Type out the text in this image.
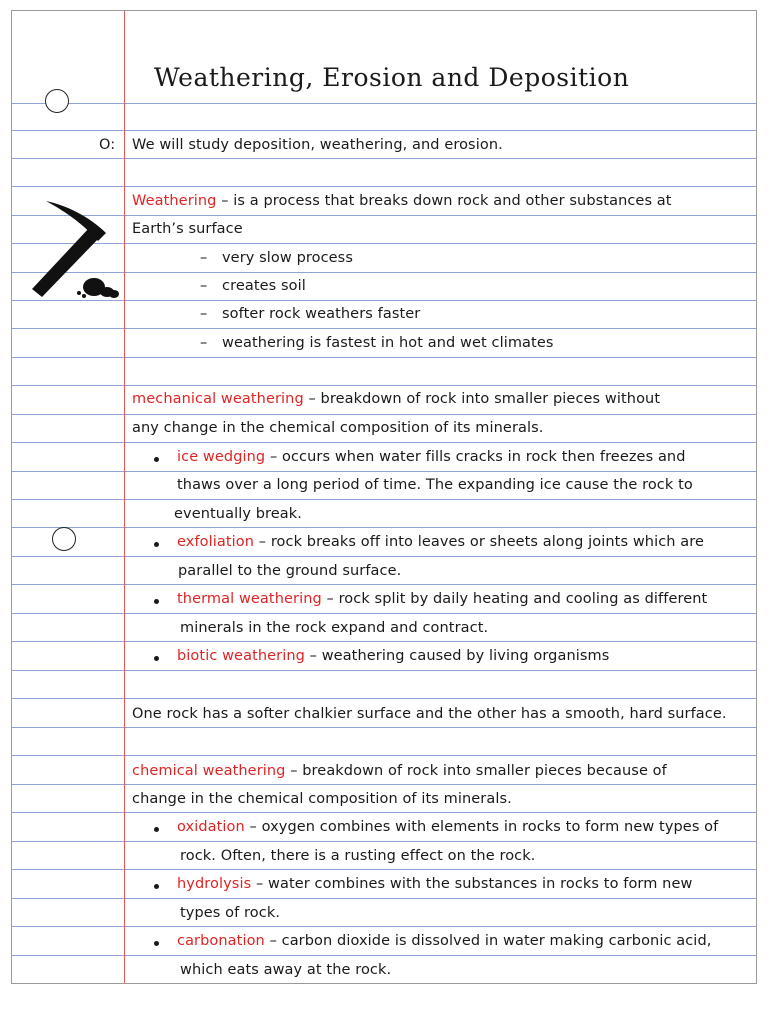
Weathering, Erosion and Deposition
O: We will study deposition, weathering, and erosion.
Weathering – is a process that breaks down rock and other substances at
Earth’s surface
– very slow process
– creates soil
– softer rock weathers faster
– weathering is fastest in hot and wet climates
mechanical weathering – breakdown of rock into smaller pieces without
any change in the chemical composition of its minerals.
ice wedging – occurs when water fills cracks in rock then freezes and
thaws over a long period of time. The expanding ice cause the rock to
eventually break.
exfoliation – rock breaks off into leaves or sheets along joints which are
parallel to the ground surface.
thermal weathering – rock split by daily heating and cooling as different
minerals in the rock expand and contract.
biotic weathering – weathering caused by living organisms
One rock has a softer chalkier surface and the other has a smooth, hard surface.
chemical weathering – breakdown of rock into smaller pieces because of
change in the chemical composition of its minerals.
oxidation – oxygen combines with elements in rocks to form new types of
rock. Often, there is a rusting effect on the rock.
hydrolysis – water combines with the substances in rocks to form new
types of rock.
carbonation – carbon dioxide is dissolved in water making carbonic acid,
which eats away at the rock.
